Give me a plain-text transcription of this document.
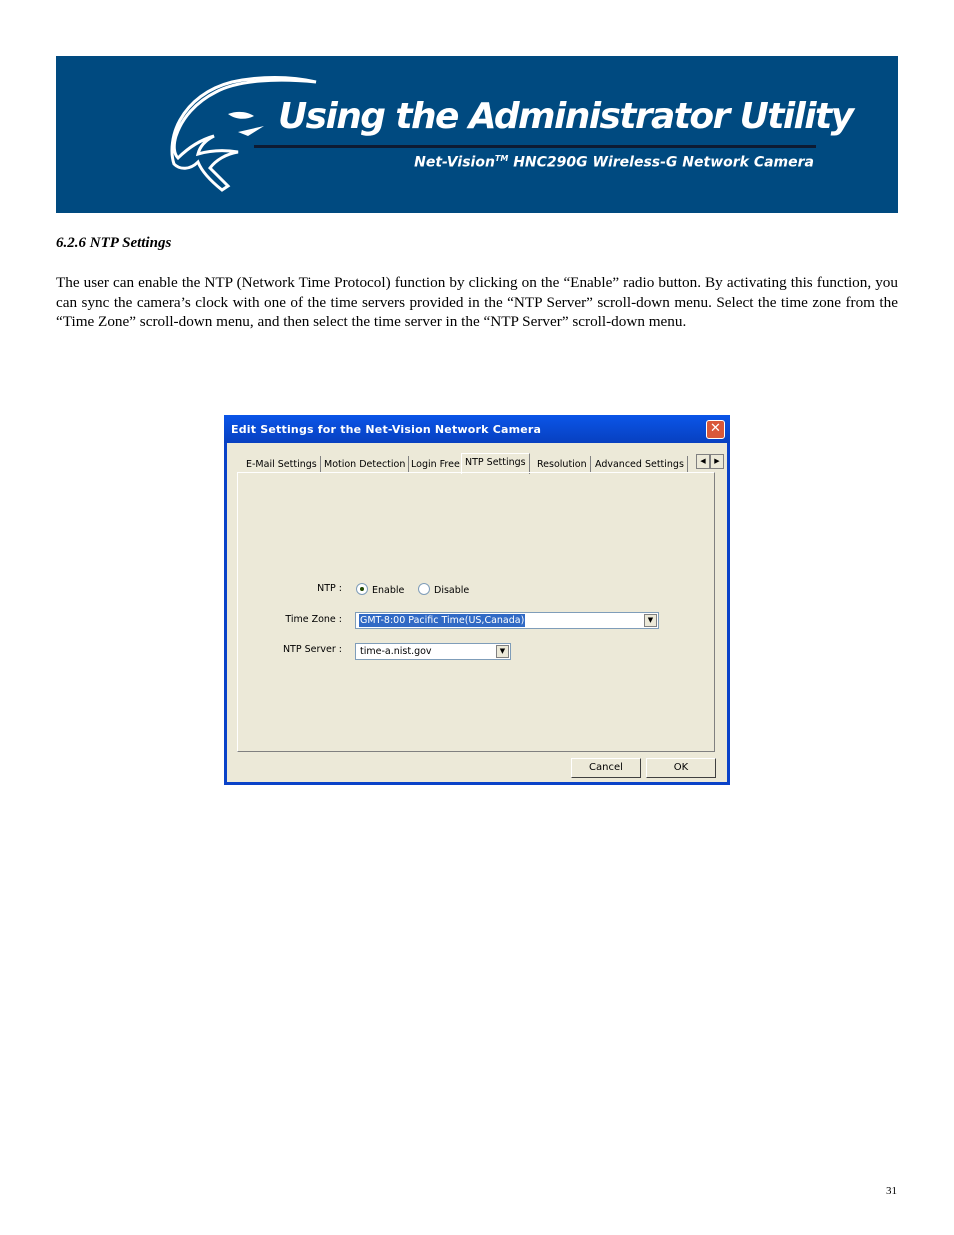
Using the Administrator Utility
Net-Vision™ HNC290G Wireless-G Network Camera
6.2.6 NTP Settings

The user can enable the NTP (Network Time Protocol) function by clicking on the “Enable” radio button. By activating this function, you can sync the camera’s clock with one of the time servers provided in the “NTP Server” scroll-down menu. Select the time zone from the “Time Zone” scroll-down menu, and then select the time server in the “NTP Server” scroll-down menu.

Edit Settings for the Net-Vision Network Camera	✕
E-Mail Settings Motion Detection Login Free NTP Settings	Resolution Advanced Settings	◀	▶
NTP :	Enable	Disable
Time Zone : GMT-8:00 Pacific Time(US,Canada)	▼
NTP Server : time-a.nist.gov	▼
Cancel	OK
31
